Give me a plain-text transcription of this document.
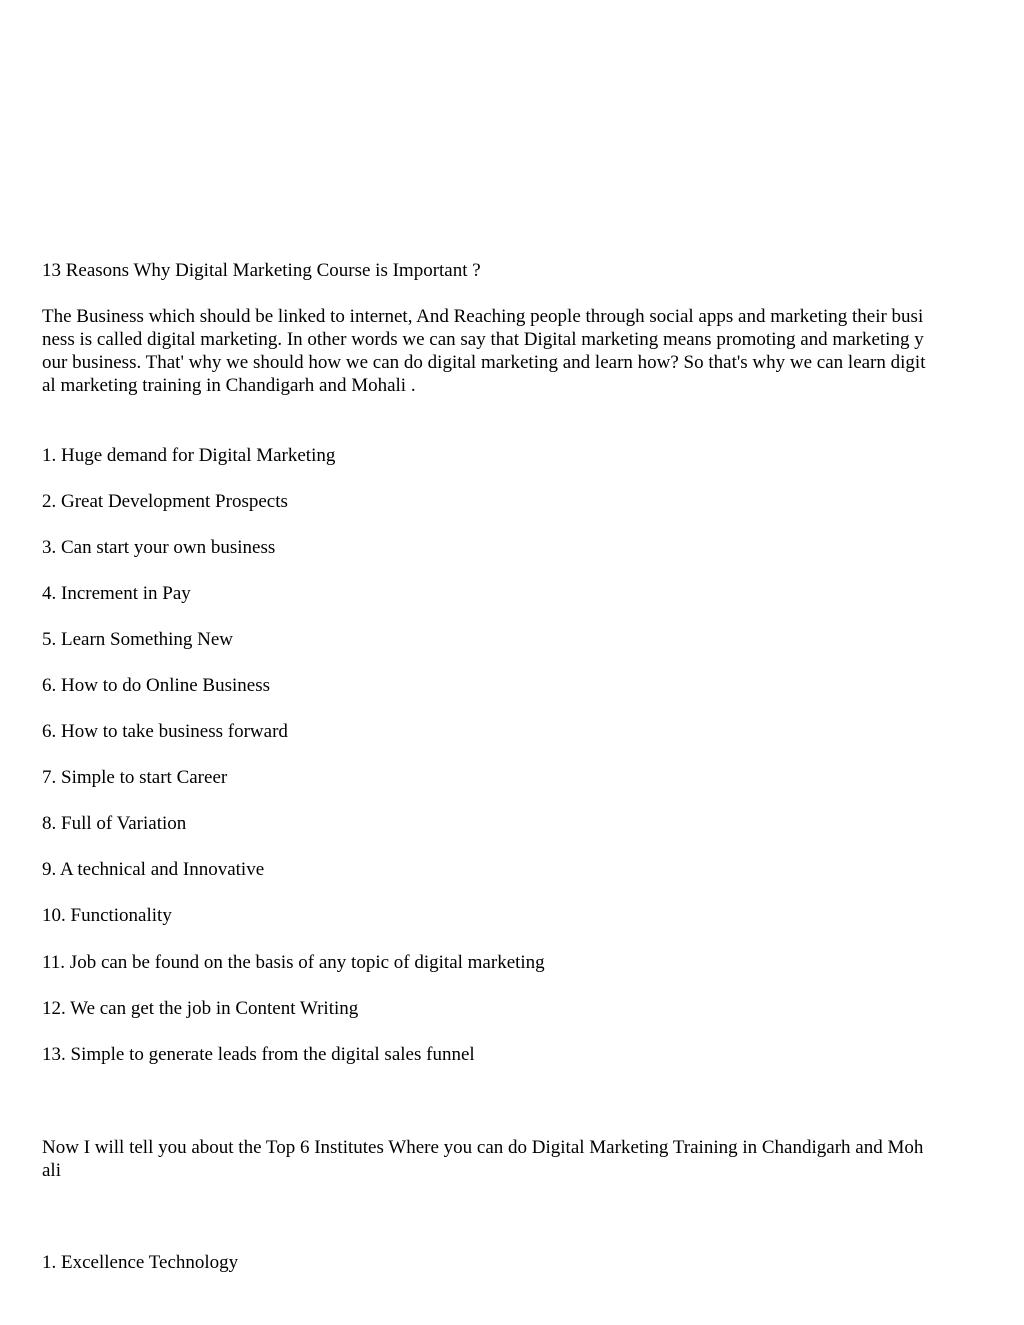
13 Reasons Why Digital Marketing Course is Important ?

The Business which should be linked to internet, And Reaching people through social apps and marketing their busi

ness is called digital marketing. In other words we can say that Digital marketing means promoting and marketing y

our business. That' why we should how we can do digital marketing and learn how? So that's why we can learn digit

al marketing training in Chandigarh and Mohali .

1. Huge demand for Digital Marketing

2. Great Development Prospects

3. Can start your own business

4. Increment in Pay

5. Learn Something New

6. How to do Online Business

6. How to take business forward

7. Simple to start Career

8. Full of Variation

9. A technical and Innovative

10. Functionality

11. Job can be found on the basis of any topic of digital marketing

12. We can get the job in Content Writing

13. Simple to generate leads from the digital sales funnel

Now I will tell you about the Top 6 Institutes Where you can do Digital Marketing Training in Chandigarh and Moh

ali

1. Excellence Technology
